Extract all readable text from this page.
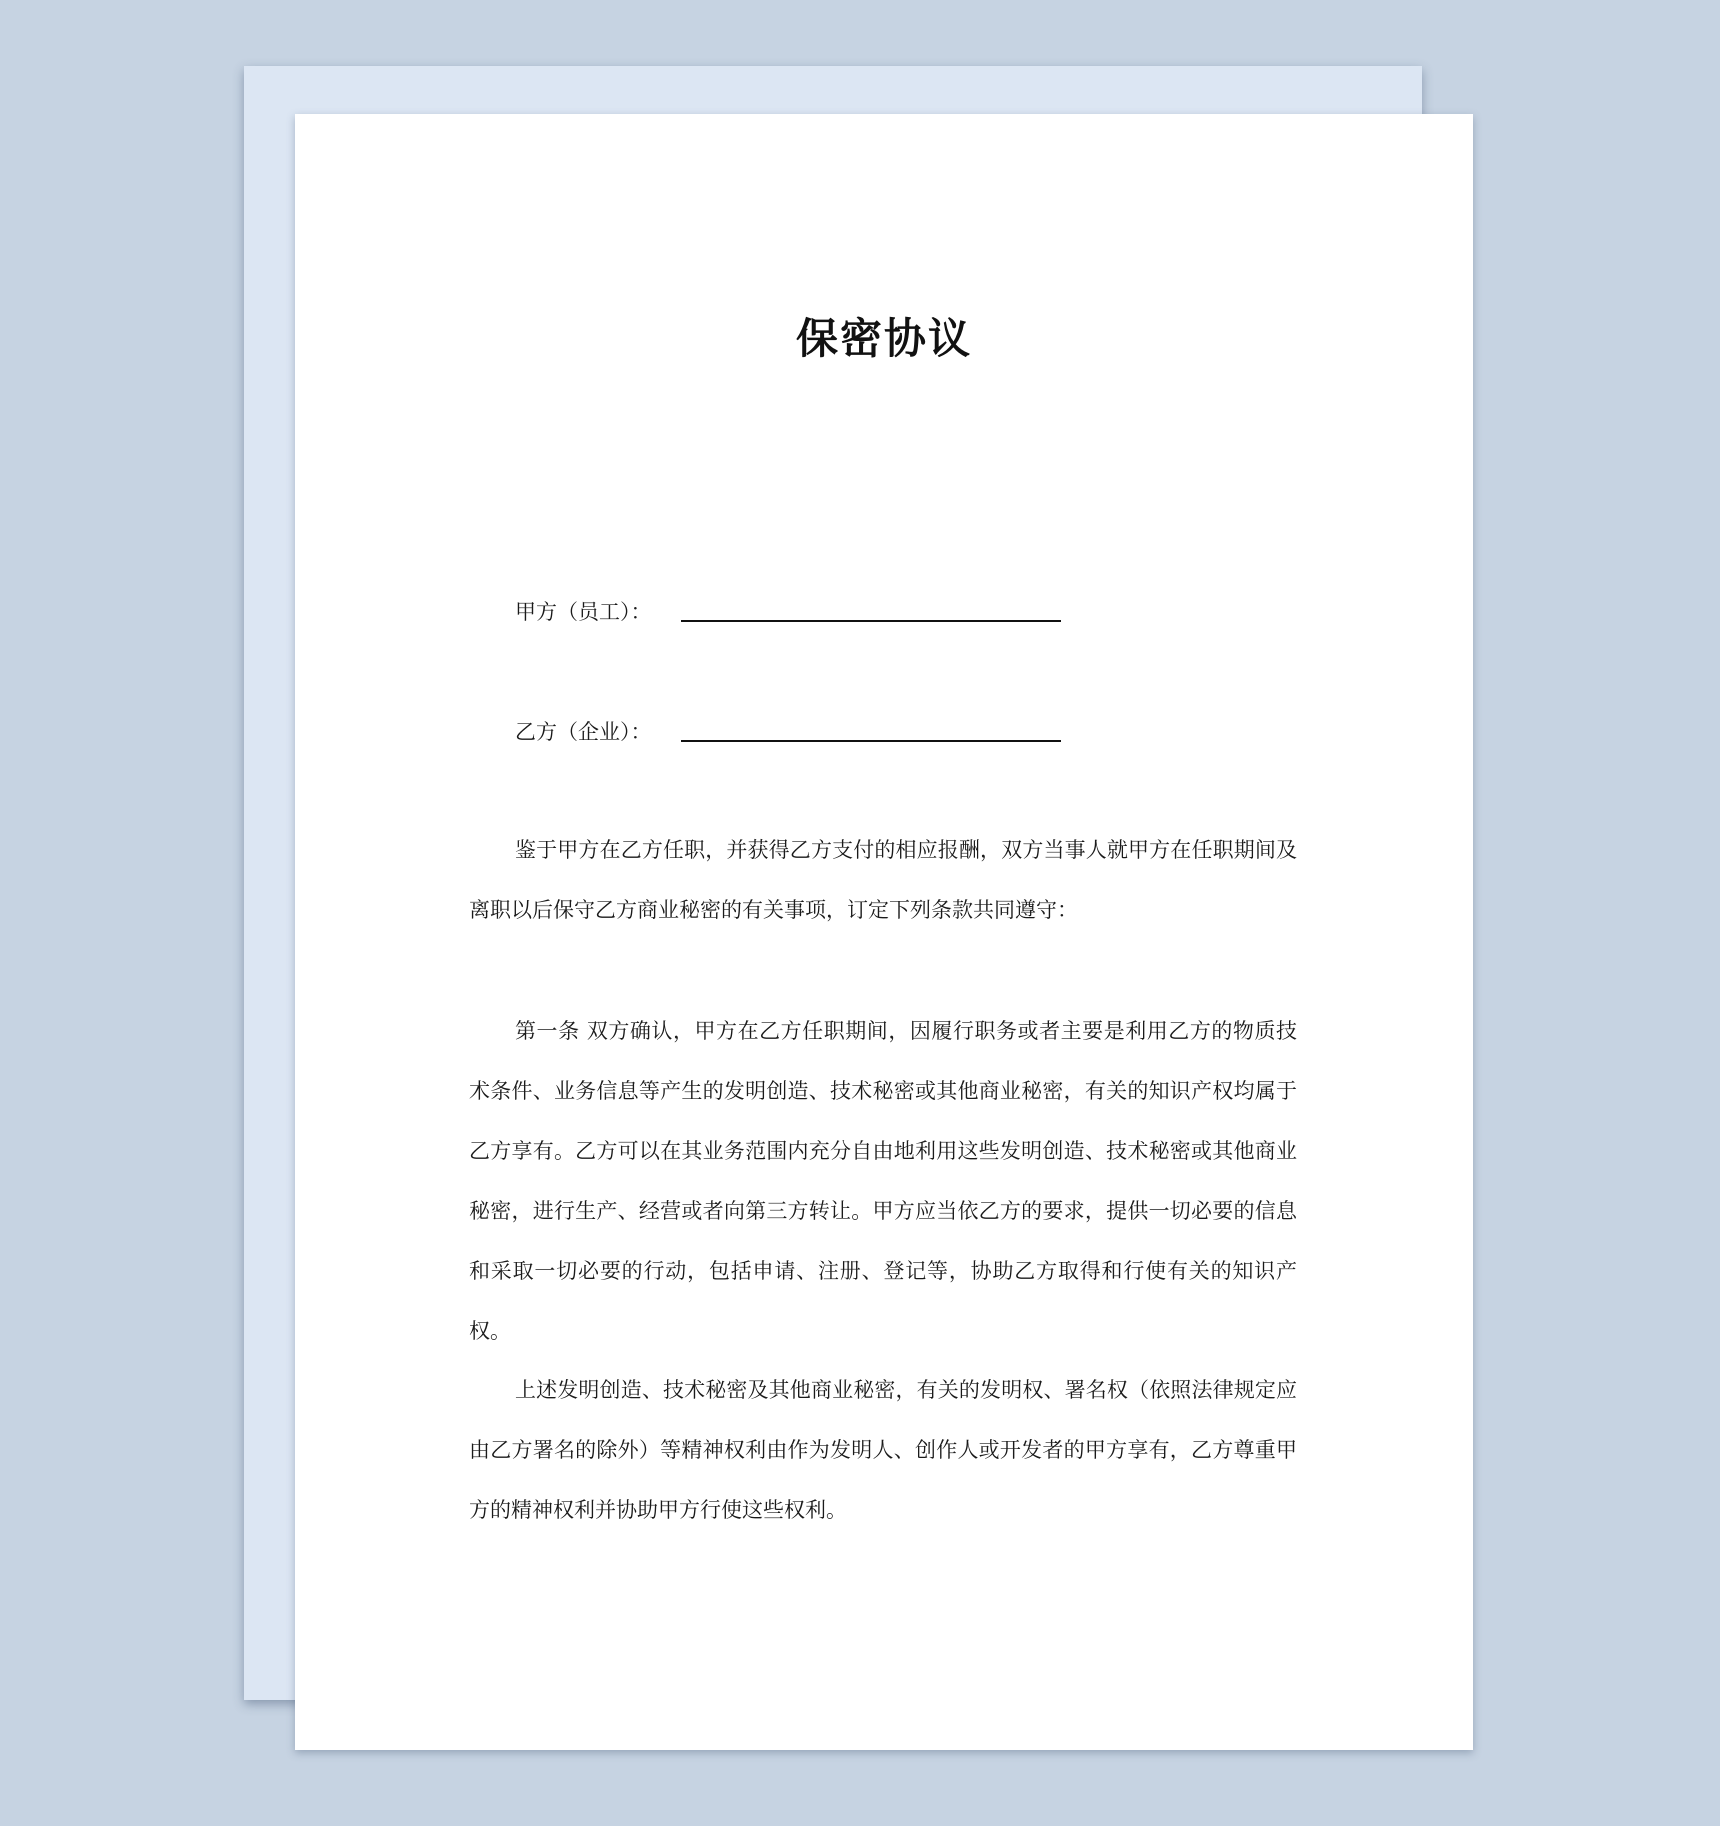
保密协议
甲方（员工）：
乙方（企业）：

鉴于甲方在乙方任职，并获得乙方支付的相应报酬，双方当事人就甲方在任职期间及离职以后保守乙方商业秘密的有关事项，订定下列条款共同遵守：

第一条 双方确认，甲方在乙方任职期间，因履行职务或者主要是利用乙方的物质技术条件、业务信息等产生的发明创造、技术秘密或其他商业秘密，有关的知识产权均属于乙方享有。乙方可以在其业务范围内充分自由地利用这些发明创造、技术秘密或其他商业秘密，进行生产、经营或者向第三方转让。甲方应当依乙方的要求，提供一切必要的信息和采取一切必要的行动，包括申请、注册、登记等，协助乙方取得和行使有关的知识产权。

上述发明创造、技术秘密及其他商业秘密，有关的发明权、署名权（依照法律规定应由乙方署名的除外）等精神权利由作为发明人、创作人或开发者的甲方享有，乙方尊重甲方的精神权利并协助甲方行使这些权利。
